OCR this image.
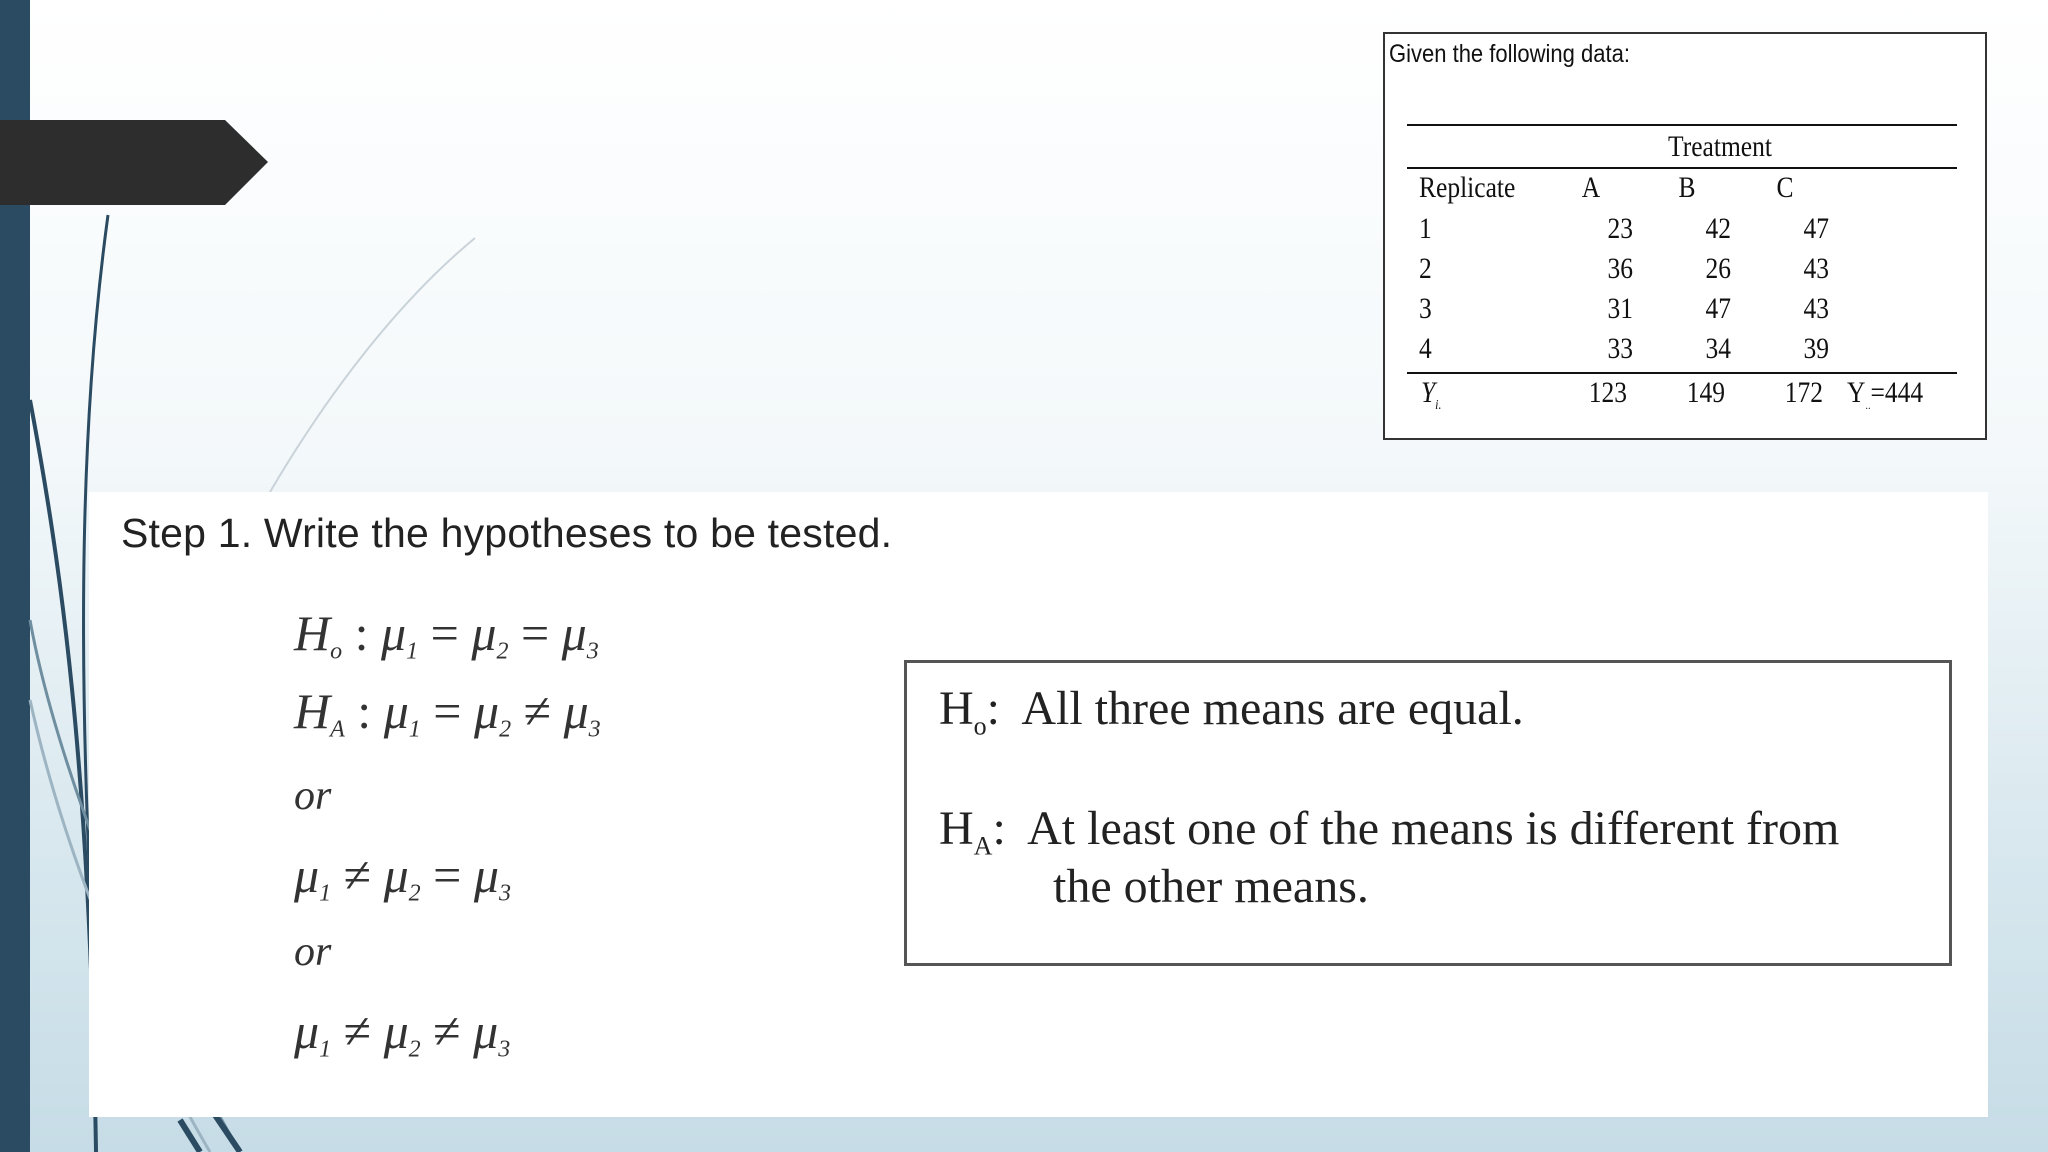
Given the following data:
Treatment
Replicate A	B	C
1	23	42	47
2	36	26	43
3	31	47	43
4	33	34	39
$Y_{i.}$	123	149	172 $Y_{..}=444$
Step 1. Write the hypotheses to be tested.
$H_o$ : $\mu_1 = \mu_2 = \mu_3$
$H_A$ : $\mu_1 = \mu_2 \ne \mu_3$
or
$\mu_1 \ne \mu_2 = \mu_3$
or
$\mu_1 \ne \mu_2 \ne \mu_3$
$H_o$:  All three means are equal.
$H_A$:  At least one of the means is different from
the other means.
